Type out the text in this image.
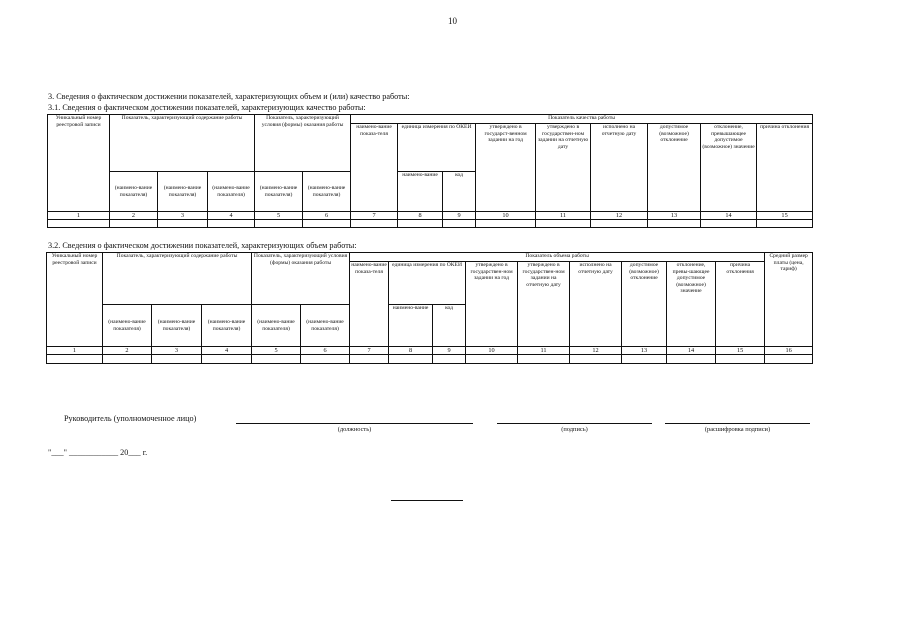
10
3. Сведения о фактическом достижении показателей, характеризующих объем и (или) качество работы:
3.1. Сведения о фактическом достижении показателей, характеризующих качество работы:
Уникальный номер реестровой записи	Показатель, характеризующий содержание работы			Показатель, характеризующий условия (формы) оказания работы		Показатель качества работы								
						наимено-вание показа-теля	единица измерения по ОКЕИ		утверждено в государст-венном задании на год	утверждено в государствен-ном задании на отчетную дату	исполнено на отчетную дату	допустимое (возможное) отклонение	отклонение, превышающее допустимое (возможное) значение	причина отклонения
	(наимено-вание показателя)	(наимено-вание показателя)	(наимено-вание показателя)	(наимено-вание показателя)	(наимено-вание показателя)		наимено-вание	код						
1	2	3	4	5	6	7	8	9	10	11	12	13	14	15

3.2. Сведения о фактическом достижении показателей, характеризующих объем работы:
Уникальный номер реестровой записи	Показатель, характеризующий содержание работы			Показатель, характеризующий условия (формы) оказания работы		Показатель объема работы									Средний размер платы (цена, тариф)
						наимено-вание показа-теля	единица измерения по ОКЕИ		утверждено в государствен-ном задании на год	утверждено в государствен-ном задании на отчетную дату	исполнено на отчетную дату	допустимое (возможное) отклонение	отклонение, превы-шающее допустимое (возможное) значение	причина отклонения	
	(наимено-вание показателя)	(наимено-вание показателя)	(наимено-вание показателя)	(наимено-вание показателя)	(наимено-вание показателя)		наимено-вание	код							
1	2	3	4	5	6	7	8	9	10	11	12	13	14	15	16

Руководитель (уполномоченное лицо)
(должность)	(подпись)	(расшифровка подписи)
"___" ____________ 20___ г.
